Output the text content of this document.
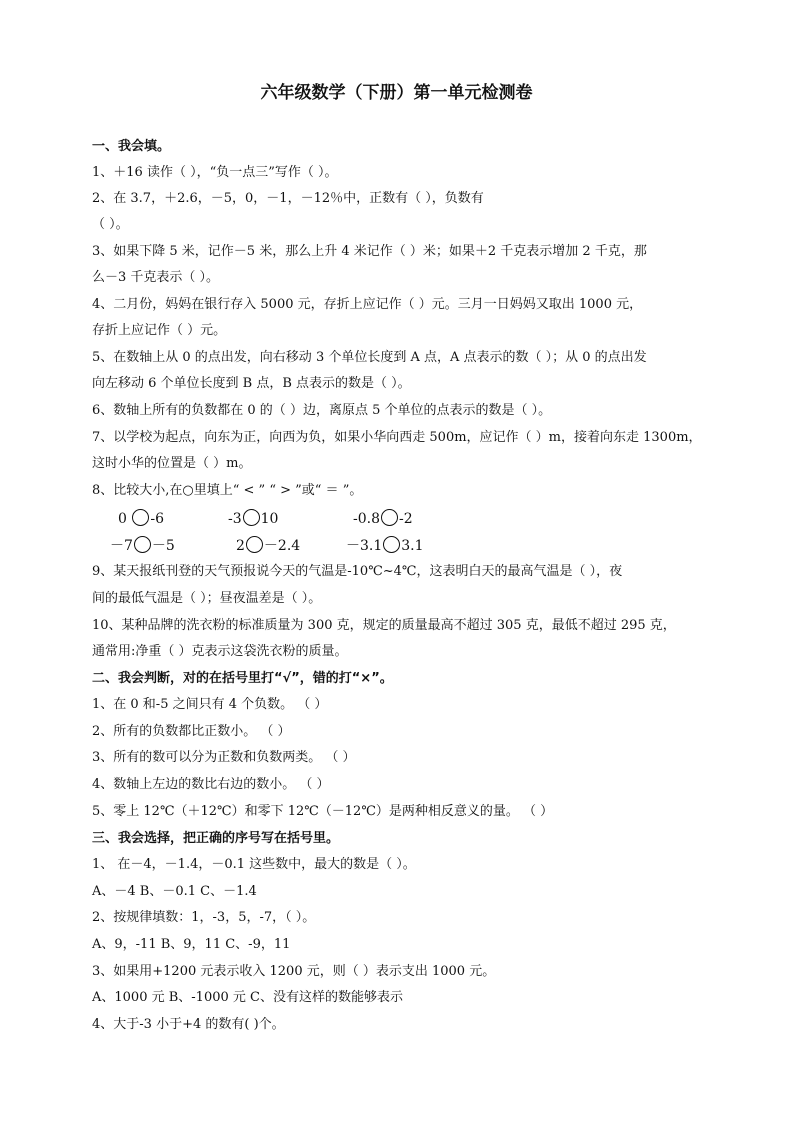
六年级数学（下册）第一单元检测卷
一、我会填。
1、＋16 读作（ ），“负一点三”写作（ ）。
2、在 3.7，＋2.6，－5，0，－1，－12％中，正数有（ ），负数有
（ ）。
3、如果下降 5 米，记作－5 米，那么上升 4 米记作（ ）米；如果＋2 千克表示增加 2 千克，那
么－3 千克表示（ ）。
4、二月份，妈妈在银行存入 5000 元，存折上应记作（ ）元。三月一日妈妈又取出 1000 元，
存折上应记作（ ）元。
5、在数轴上从 0 的点出发，向右移动 3 个单位长度到 A 点，A 点表示的数（ ）；从 0 的点出发
向左移动 6 个单位长度到 B 点，B 点表示的数是（ ）。
6、数轴上所有的负数都在 0 的（ ）边，离原点 5 个单位的点表示的数是（ ）。
7、以学校为起点，向东为正，向西为负，如果小华向西走 500m，应记作（ ）m，接着向东走 1300m，
这时小华的位置是（ ）m。
8、比较大小,在○里填上“ < ” “ > ”或“ ＝ ”。
0 -6	-3 10	-0.8 -2
－7 －5	2 －2.4	－3.1 3.1
9、某天报纸刊登的天气预报说今天的气温是-10℃~4℃，这表明白天的最高气温是（ ），夜
间的最低气温是（ ）；昼夜温差是（ ）。
10、某种品牌的洗衣粉的标准质量为 300 克，规定的质量最高不超过 305 克，最低不超过 295 克，
通常用:净重（ ）克表示这袋洗衣粉的质量。
二、我会判断，对的在括号里打“√”，错的打“×”。
1、在 0 和-5 之间只有 4 个负数。 （ ）
2、所有的负数都比正数小。 （ ）
3、所有的数可以分为正数和负数两类。 （ ）
4、数轴上左边的数比右边的数小。 （ ）
5、零上 12℃（＋12℃）和零下 12℃（－12℃）是两种相反意义的量。 （ ）
三、我会选择，把正确的序号写在括号里。
1、 在－4，－1.4，－0.1 这些数中，最大的数是（ ）。
A、－4 B、－0.1 C、－1.4
2、按规律填数：1，-3，5，-7，（ ）。
A、9，-11 B、9，11 C、-9，11
3、如果用+1200 元表示收入 1200 元，则（ ）表示支出 1000 元。
A、1000 元 B、-1000 元 C、没有这样的数能够表示
4、大于-3 小于+4 的数有( )个。
